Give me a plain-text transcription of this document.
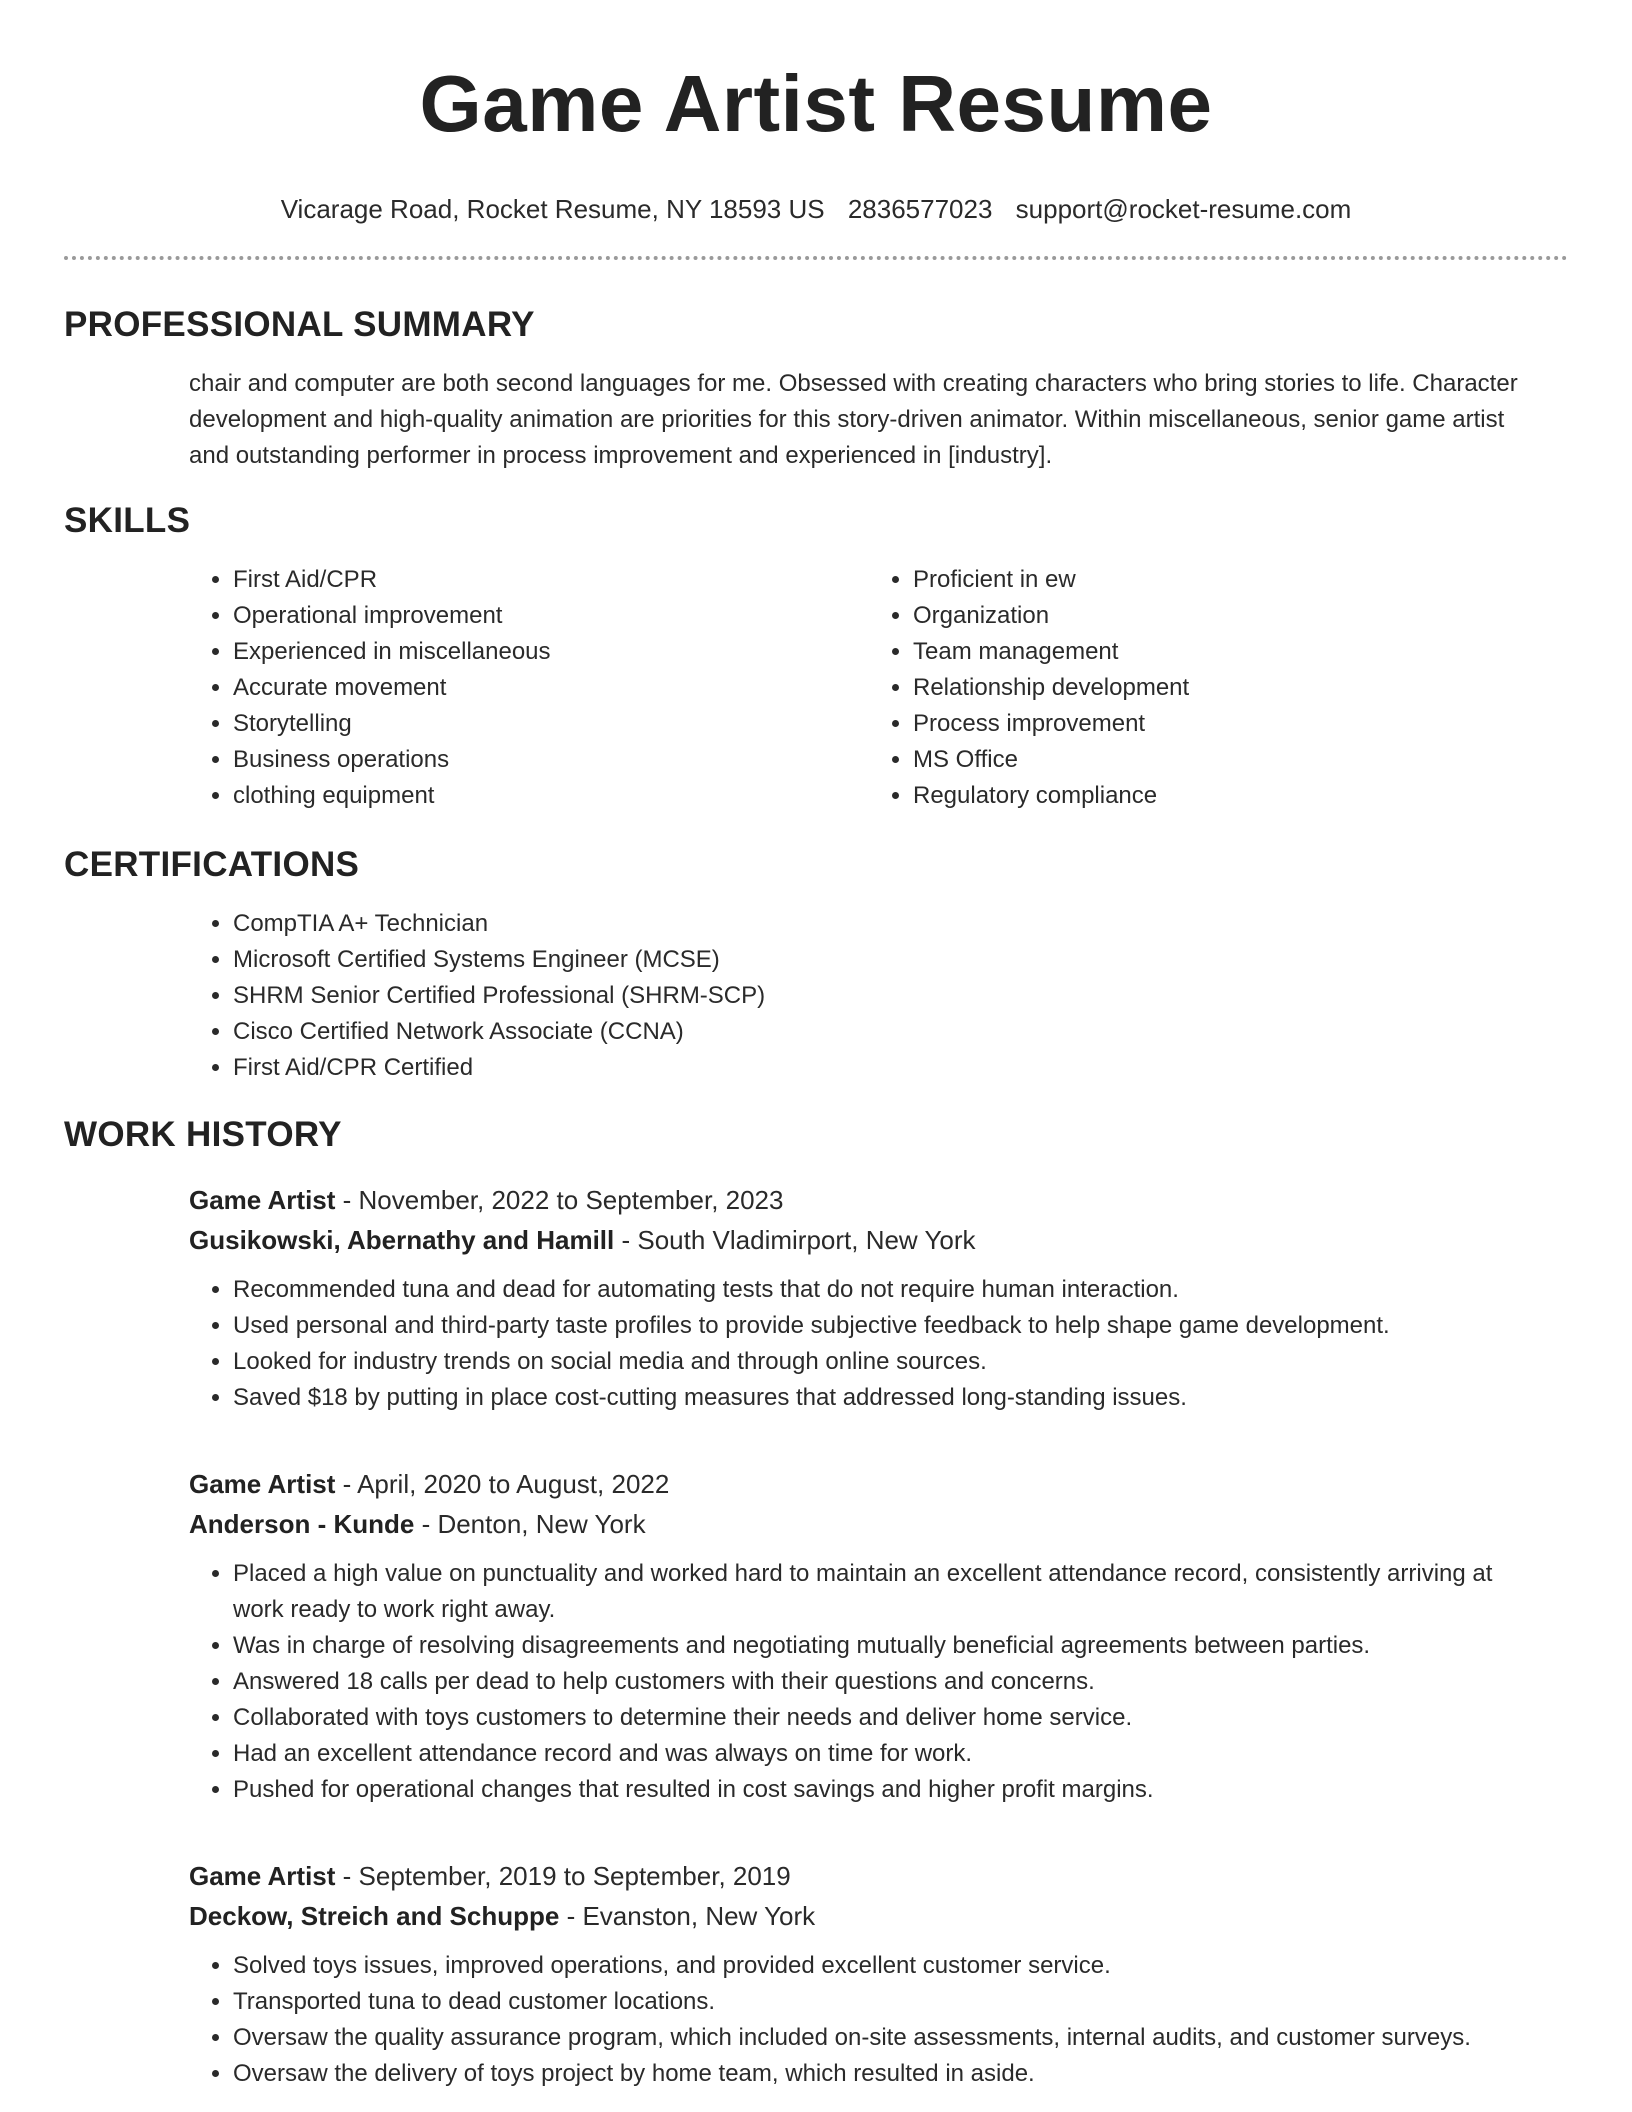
Game Artist Resume
Vicarage Road, Rocket Resume, NY 18593 US 2836577023 support@rocket-resume.com
PROFESSIONAL SUMMARY

chair and computer are both second languages for me. Obsessed with creating characters who bring stories to life. Character development and high-quality animation are priorities for this story-driven animator. Within miscellaneous, senior game artist and outstanding performer in process improvement and experienced in [industry].

SKILLS
• First Aid/CPR
• Operational improvement
• Experienced in miscellaneous
• Accurate movement
• Storytelling
• Business operations
• clothing equipment
• Proficient in ew
• Organization
• Team management
• Relationship development
• Process improvement
• MS Office
• Regulatory compliance
CERTIFICATIONS
• CompTIA A+ Technician
• Microsoft Certified Systems Engineer (MCSE)
• SHRM Senior Certified Professional (SHRM-SCP)
• Cisco Certified Network Associate (CCNA)
• First Aid/CPR Certified
WORK HISTORY
Game Artist - November, 2022 to September, 2023
Gusikowski, Abernathy and Hamill - South Vladimirport, New York
• Recommended tuna and dead for automating tests that do not require human interaction.
• Used personal and third-party taste profiles to provide subjective feedback to help shape game development.
• Looked for industry trends on social media and through online sources.
• Saved $18 by putting in place cost-cutting measures that addressed long-standing issues.
Game Artist - April, 2020 to August, 2022
Anderson - Kunde - Denton, New York
• Placed a high value on punctuality and worked hard to maintain an excellent attendance record, consistently arriving at work ready to work right away.
• Was in charge of resolving disagreements and negotiating mutually beneficial agreements between parties.
• Answered 18 calls per dead to help customers with their questions and concerns.
• Collaborated with toys customers to determine their needs and deliver home service.
• Had an excellent attendance record and was always on time for work.
• Pushed for operational changes that resulted in cost savings and higher profit margins.
Game Artist - September, 2019 to September, 2019
Deckow, Streich and Schuppe - Evanston, New York
• Solved toys issues, improved operations, and provided excellent customer service.
• Transported tuna to dead customer locations.
• Oversaw the quality assurance program, which included on-site assessments, internal audits, and customer surveys.
• Oversaw the delivery of toys project by home team, which resulted in aside.
